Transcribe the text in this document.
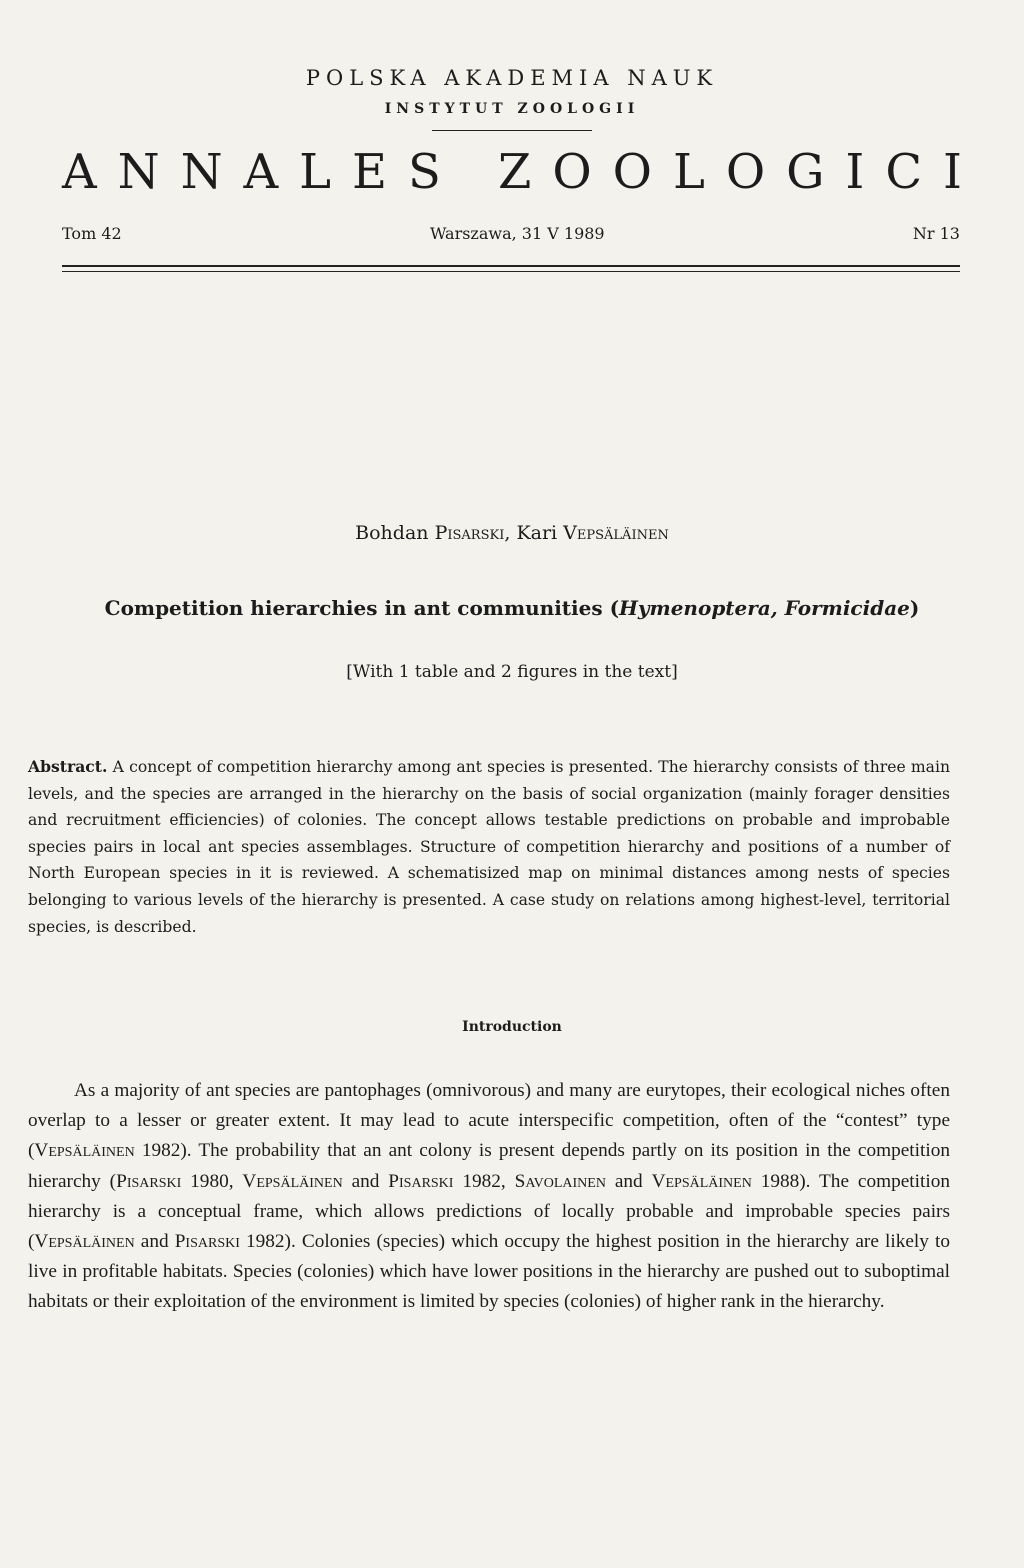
POLSKA AKADEMIA NAUK
INSTYTUT ZOOLOGII
A N N A L E S
Z O O L O G I C I
Tom 42	Warszawa, 31 V 1989	Nr 13
Bohdan Pisarski, Kari Vepsäläinen
Competition hierarchies in ant communities (Hymenoptera, Formicidae)
[With 1 table and 2 figures in the text]
Abstract. A concept of competition hierarchy among ant species is presented. The hierarchy consists of three main levels, and the species are arranged in the hierarchy on the basis of social organization (mainly forager densities and recruitment efficiencies) of colonies. The concept allows testable predictions on probable and improbable species pairs in local ant species assemblages. Structure of competition hierarchy and positions of a number of North European species in it is reviewed. A schematisized map on minimal distances among nests of species belonging to various levels of the hierarchy is presented. A case study on relations among highest-level, territorial species, is described.
Introduction

As a majority of ant species are pantophages (omnivorous) and many are eurytopes, their ecological niches often overlap to a lesser or greater extent. It may lead to acute interspecific competition, often of the “contest” type (Vepsäläinen 1982). The probability that an ant colony is present depends partly on its position in the competition hierarchy (Pisarski 1980, Vepsäläinen and Pisarski 1982, Savolainen and Vepsäläinen 1988). The competition hierarchy is a conceptual frame, which allows predictions of locally probable and improbable species pairs (Vepsäläinen and Pisarski 1982). Colonies (species) which occupy the highest position in the hierarchy are likely to live in profitable habitats. Species (colonies) which have lower positions in the hierarchy are pushed out to suboptimal habitats or their exploitation of the environment is limited by species (colonies) of higher rank in the hierarchy.
